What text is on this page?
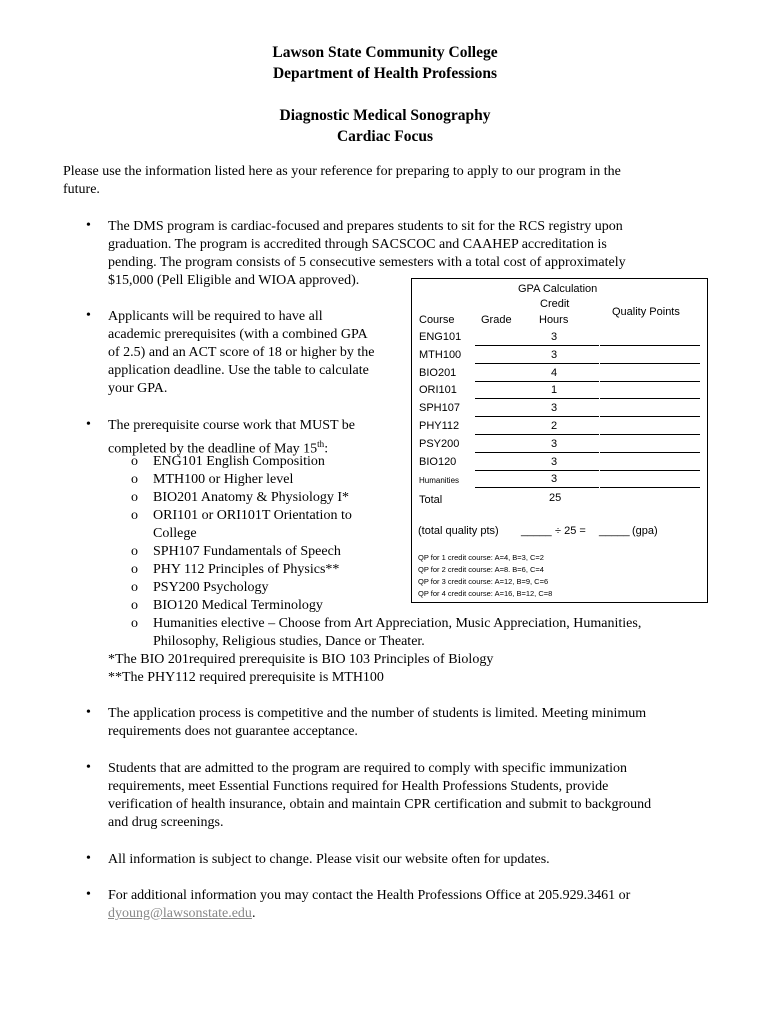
Lawson State Community College
Department of Health Professions
Diagnostic Medical Sonography
Cardiac Focus
Please use the information listed here as your reference for preparing to apply to our program in the
future.
• The DMS program is cardiac-focused and prepares students to sit for the RCS registry upon
graduation. The program is accredited through SACSCOC and CAAHEP accreditation is
pending. The program consists of 5 consecutive semesters with a total cost of approximately
$15,000 (Pell Eligible and WIOA approved).
• Applicants will be required to have all
academic prerequisites (with a combined GPA
of 2.5) and an ACT score of 18 or higher by the
application deadline. Use the table to calculate
your GPA.
• The prerequisite course work that MUST be
completed by the deadline of May 15th:
o ENG101 English Composition
o MTH100 or Higher level
o BIO201 Anatomy & Physiology I*
o ORI101 or ORI101T Orientation to
College
o SPH107 Fundamentals of Speech
o PHY 112 Principles of Physics**
o PSY200 Psychology
o BIO120 Medical Terminology
o Humanities elective – Choose from Art Appreciation, Music Appreciation, Humanities,
Philosophy, Religious studies, Dance or Theater.
*The BIO 201required prerequisite is BIO 103 Principles of Biology
**The PHY112 required prerequisite is MTH100
• The application process is competitive and the number of students is limited. Meeting minimum
requirements does not guarantee acceptance.
• Students that are admitted to the program are required to comply with specific immunization
requirements, meet Essential Functions required for Health Professions Students, provide
verification of health insurance, obtain and maintain CPR certification and submit to background
and drug screenings.
• All information is subject to change. Please visit our website often for updates.
• For additional information you may contact the Health Professions Office at 205.929.3461 or
dyoung@lawsonstate.edu.
GPA Calculation
Credit
Quality Points
Course Grade Hours
ENG101	3
MTH100	3
BIO201	4
ORI101	1
SPH107	3
PHY112	2
PSY200	3
BIO120	3
Humanities	3
Total	25
(total quality pts) _____ ÷ 25 = _____ (gpa)
QP for 1 credit course: A=4, B=3, C=2
QP for 2 credit course: A=8. B=6, C=4
QP for 3 credit course: A=12, B=9, C=6
QP for 4 credit course: A=16, B=12, C=8
